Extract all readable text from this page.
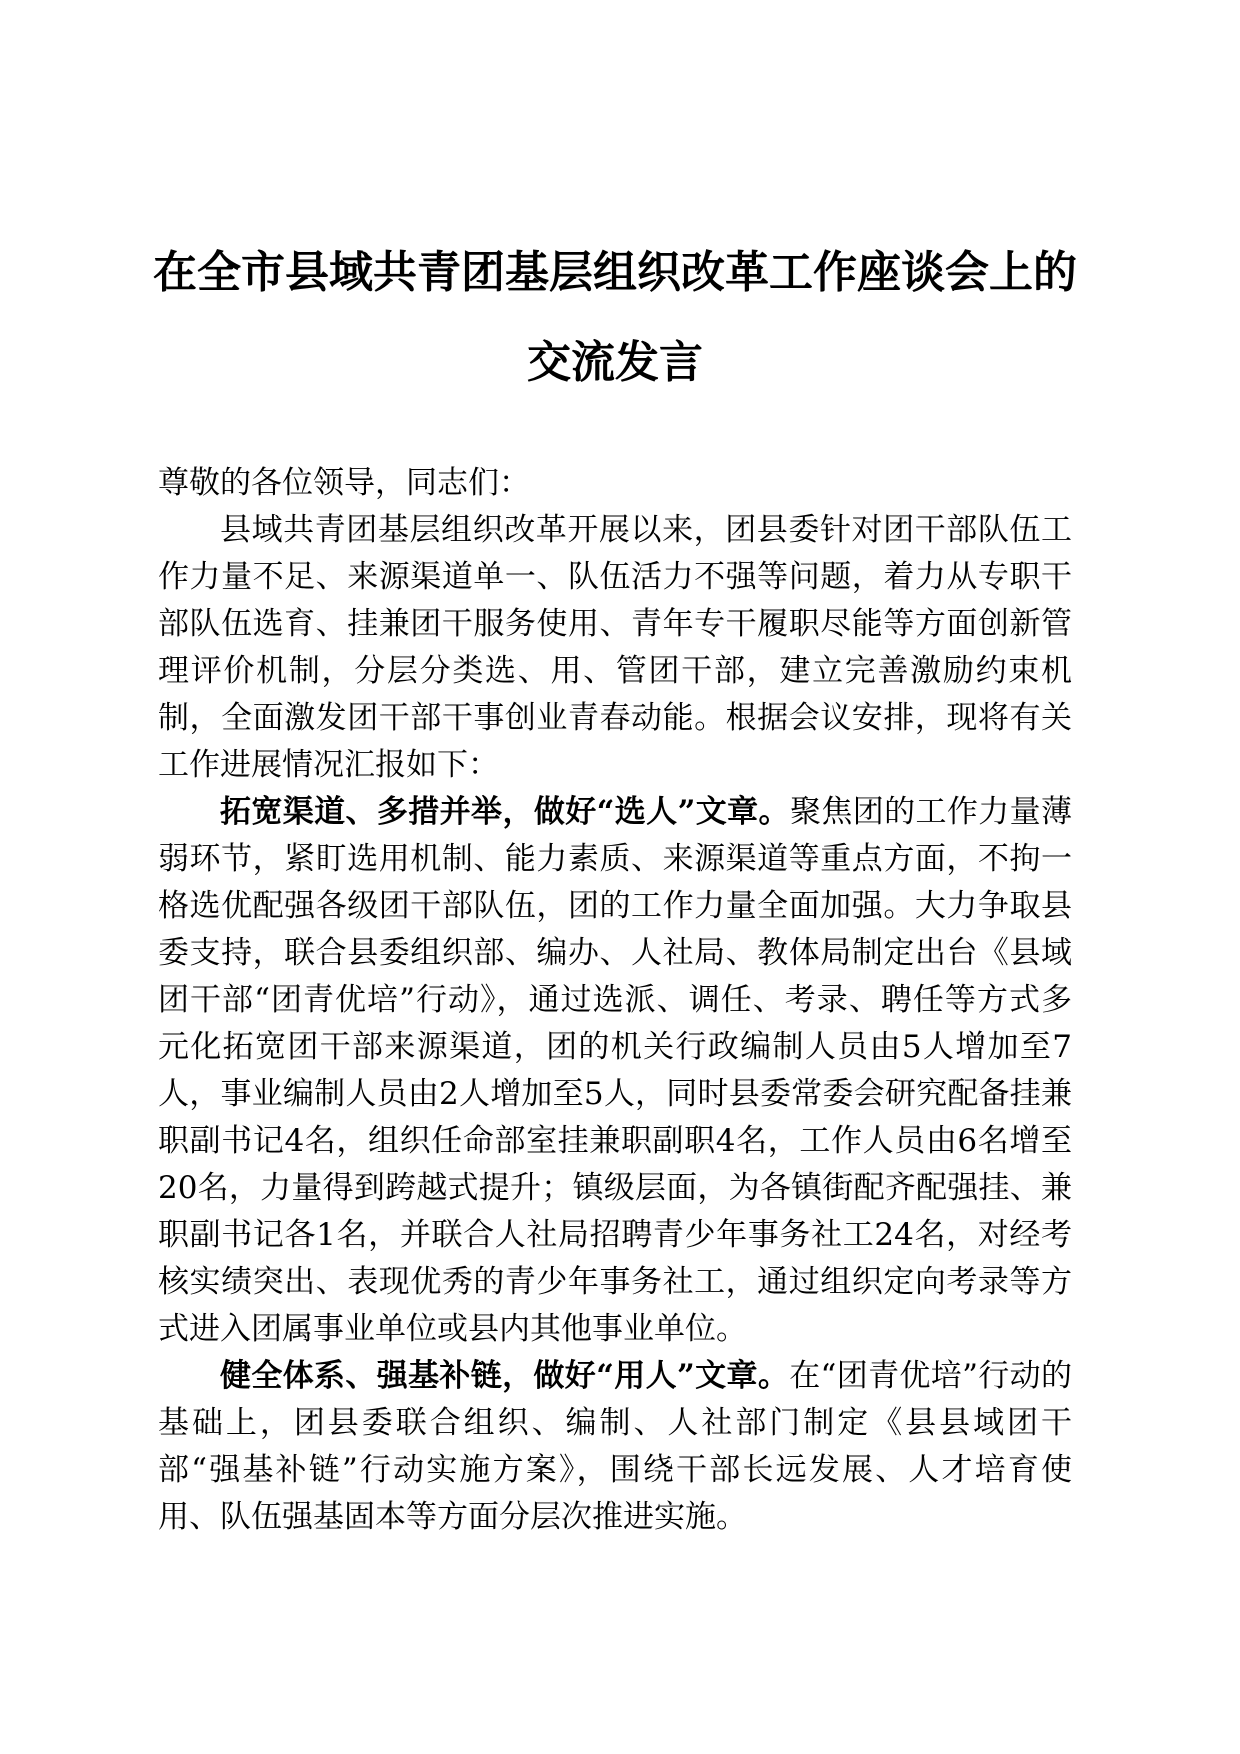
在全市县域共青团基层组织改革工作座谈会上的交流发言

尊敬的各位领导，同志们：

县域共青团基层组织改革开展以来，团县委针对团干部队伍工作力量不足、来源渠道单一、队伍活力不强等问题，着力从专职干部队伍选育、挂兼团干服务使用、青年专干履职尽能等方面创新管理评价机制，分层分类选、用、管团干部，建立完善激励约束机制，全面激发团干部干事创业青春动能。根据会议安排，现将有关工作进展情况汇报如下：

拓宽渠道、多措并举，做好“选人”文章。聚焦团的工作力量薄弱环节，紧盯选用机制、能力素质、来源渠道等重点方面，不拘一格选优配强各级团干部队伍，团的工作力量全面加强。大力争取县委支持，联合县委组织部、编办、人社局、教体局制定出台《县域团干部“团青优培”行动》，通过选派、调任、考录、聘任等方式多元化拓宽团干部来源渠道，团的机关行政编制人员由5人增加至7人，事业编制人员由2人增加至5人，同时县委常委会研究配备挂兼职副书记4名，组织任命部室挂兼职副职4名，工作人员由6名增至20名，力量得到跨越式提升；镇级层面，为各镇街配齐配强挂、兼职副书记各1名，并联合人社局招聘青少年事务社工24名，对经考核实绩突出、表现优秀的青少年事务社工，通过组织定向考录等方式进入团属事业单位或县内其他事业单位。

健全体系、强基补链，做好“用人”文章。在“团青优培”行动的基础上，团县委联合组织、编制、人社部门制定《县县域团干部“强基补链”行动实施方案》，围绕干部长远发展、人才培育使用、队伍强基固本等方面分层次推进实施。
